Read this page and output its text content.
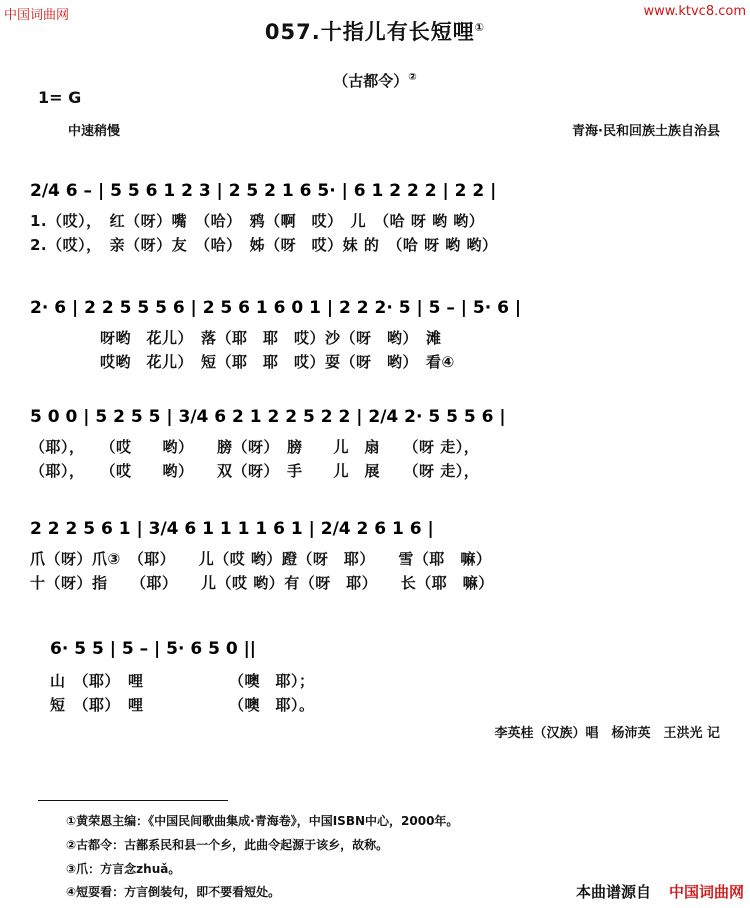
中国词曲网	www.ktvc8.com
057.十指儿有长短哩①
（古都令）②
1= G
中速稍慢	青海·民和回族土族自治县
2/4 6 – | 5 5 6 1 2 3 | 2 5 2 1 6 5· | 6 1 2 2 2 | 2 2 |
1.（哎），　红（呀）嘴　（哈）　鸦（啊　哎）　儿　（哈 呀 哟 哟）
2.（哎），　亲（呀）友　（哈）　姊（呀　哎）妹 的　（哈 呀 哟 哟）
2· 6 | 2 2 5 5 5 6 | 2 5 6 1 6 0 1 | 2 2 2· 5 | 5 – | 5· 6 |
呀哟　花儿）　落（耶　耶　哎）沙（呀　哟）　滩
哎哟　花儿）　短（耶　耶　哎）耍（呀　哟）　看④
5 0 0 | 5 2 5 5 | 3/4 6 2 1 2 2 5 2 2 | 2/4 2· 5 5 5 6 |
（耶），　　（哎　　哟）　　膀（呀）　膀　　儿　扇　　（呀 走），
（耶），　　（哎　　哟）　　双（呀）　手　　儿　展　　（呀 走），
2 2 2 5 6 1 | 3/4 6 1 1 1 1 6 1 | 2/4 2 6 1 6 |
爪（呀）爪③　（耶）　　儿（哎 哟）蹬（呀　耶）　　雪（耶　嘛）
十（呀）指　　（耶）　　儿（哎 哟）有（呀　耶）　　长（耶　嘛）
6· 5 5 | 5 – | 5· 6 5 0 ||
山　（耶）　哩　　　　　　（噢　耶）；
短　（耶）　哩　　　　　　（噢　耶）。
李英桂（汉族）唱　杨沛英　王洪光 记
①黄荣恩主编：《中国民间歌曲集成·青海卷》，中国ISBN中心，2000年。
②古都令：古鄯系民和县一个乡，此曲令起源于该乡，故称。
③爪：方言念zhuǎ。
④短耍看：方言倒装句，即不要看短处。	本曲谱源自 中国词曲网
